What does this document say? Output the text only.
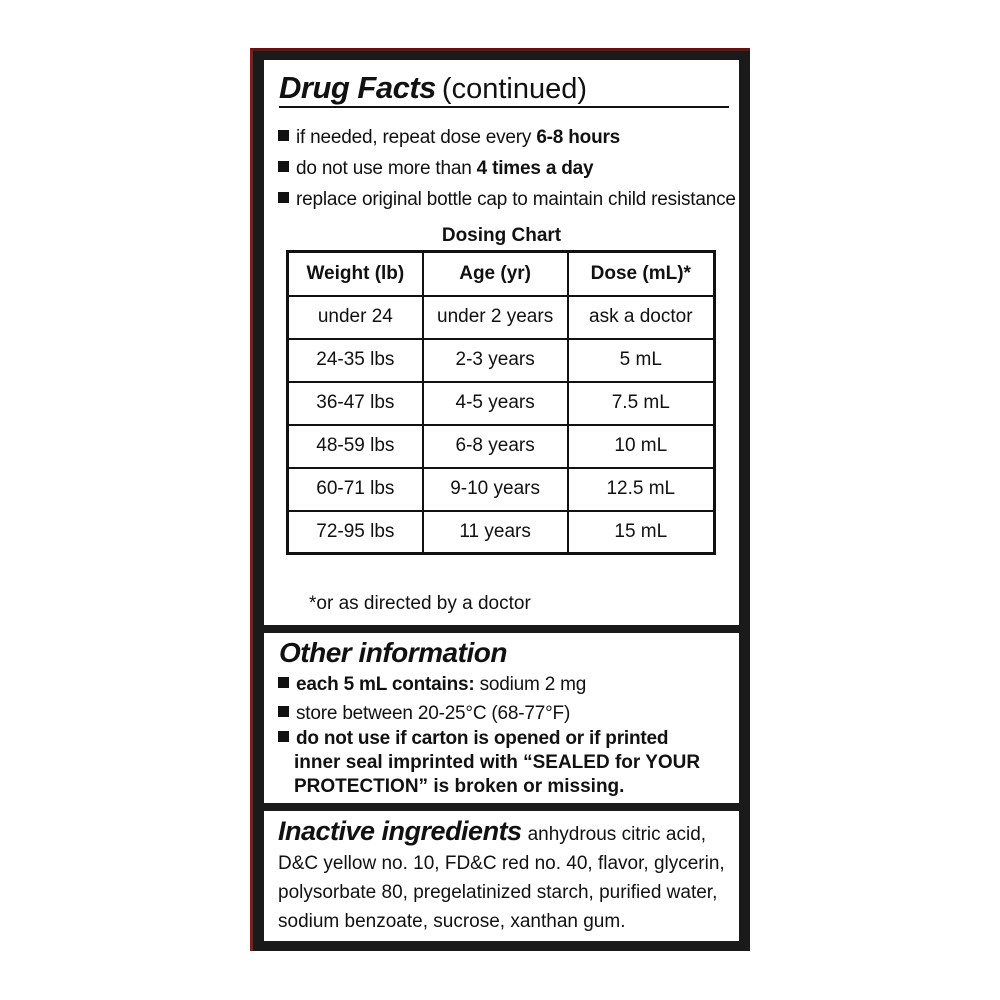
Drug Facts (continued)
if needed, repeat dose every 6-8 hours
do not use more than 4 times a day
replace original bottle cap to maintain child resistance
Dosing Chart
Weight (lb)	Age (yr)	Dose (mL)*
under 24	under 2 years	ask a doctor
24-35 lbs	2-3 years	5 mL
36-47 lbs	4-5 years	7.5 mL
48-59 lbs	6-8 years	10 mL
60-71 lbs	9-10 years	12.5 mL
72-95 lbs	11 years	15 mL
*or as directed by a doctor
Other information
each 5 mL contains: sodium 2 mg
store between 20-25°C (68-77°F)
do not use if carton is opened or if printed
inner seal imprinted with “SEALED for YOUR
PROTECTION” is broken or missing.
Inactive ingredients anhydrous citric acid, D&C yellow no. 10, FD&C red no. 40, flavor, glycerin, polysorbate 80, pregelatinized starch, purified water, sodium benzoate, sucrose, xanthan gum.
